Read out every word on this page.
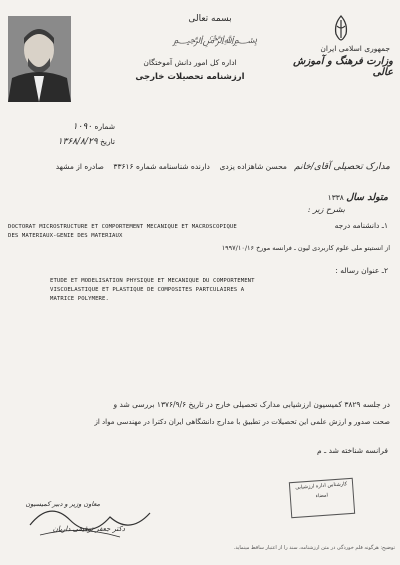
بسمه تعالی
﷽
جمهوری اسلامی ایران
وزارت فرهنگ و آموزش عالی
اداره کل امور دانش آموختگان
ارزشنامه تحصیلات خارجی
شماره ۱۰۹۰
تاریخ ۱۳۶۸/۸/۲۹
مدارک تحصیلی آقای/خانم   محسن شاهزاده یزدی    دارنده شناسنامه شماره ۳۳۶۱۶    صادره از مشهد
متولد سال ۱۳۳۸
بشرح زیر :
۱ـ دانشنامه درجه
DOCTORAT MICROSTRUCTURE ET COMPORTEMENT MECANIQUE ET MACROSCOPIQUE
DES MATERIAUX-GENIE DES MATERIAUX
از انستیتو ملی علوم کاربردی لیون ـ فرانسه مورخ ۱۹۹۷/۱۰/۱۶
۲ـ عنوان رساله :
ETUDE ET MODELISATION PHYSIQUE ET MECANIQUE DU COMPORTEMENT
VISCOELASTIQUE ET PLASTIQUE DE COMPOSITES PARTCULAIRES A
MATRICE POLYMERE.
در جلسه ۳۸۲۹ کمیسیون ارزشیابی مدارک تحصیلی خارج در تاریخ ۱۳۷۶/۹/۶ بررسی شد و
صحت صدور و ارزش علمی این تحصیلات در تطبیق با مدارج دانشگاهی ایران دکترا در مهندسی مواد از
فرانسه شناخته شد ـ م
کارشناس اداره ارزشیابی
امضاء
معاون وزیر و دبیر کمیسیون
دکتر جعفر توفیقی داریان
توضیح: هرگونه قلم خوردگی در متن ارزشنامه، سند را از اعتبار ساقط مینماید.
